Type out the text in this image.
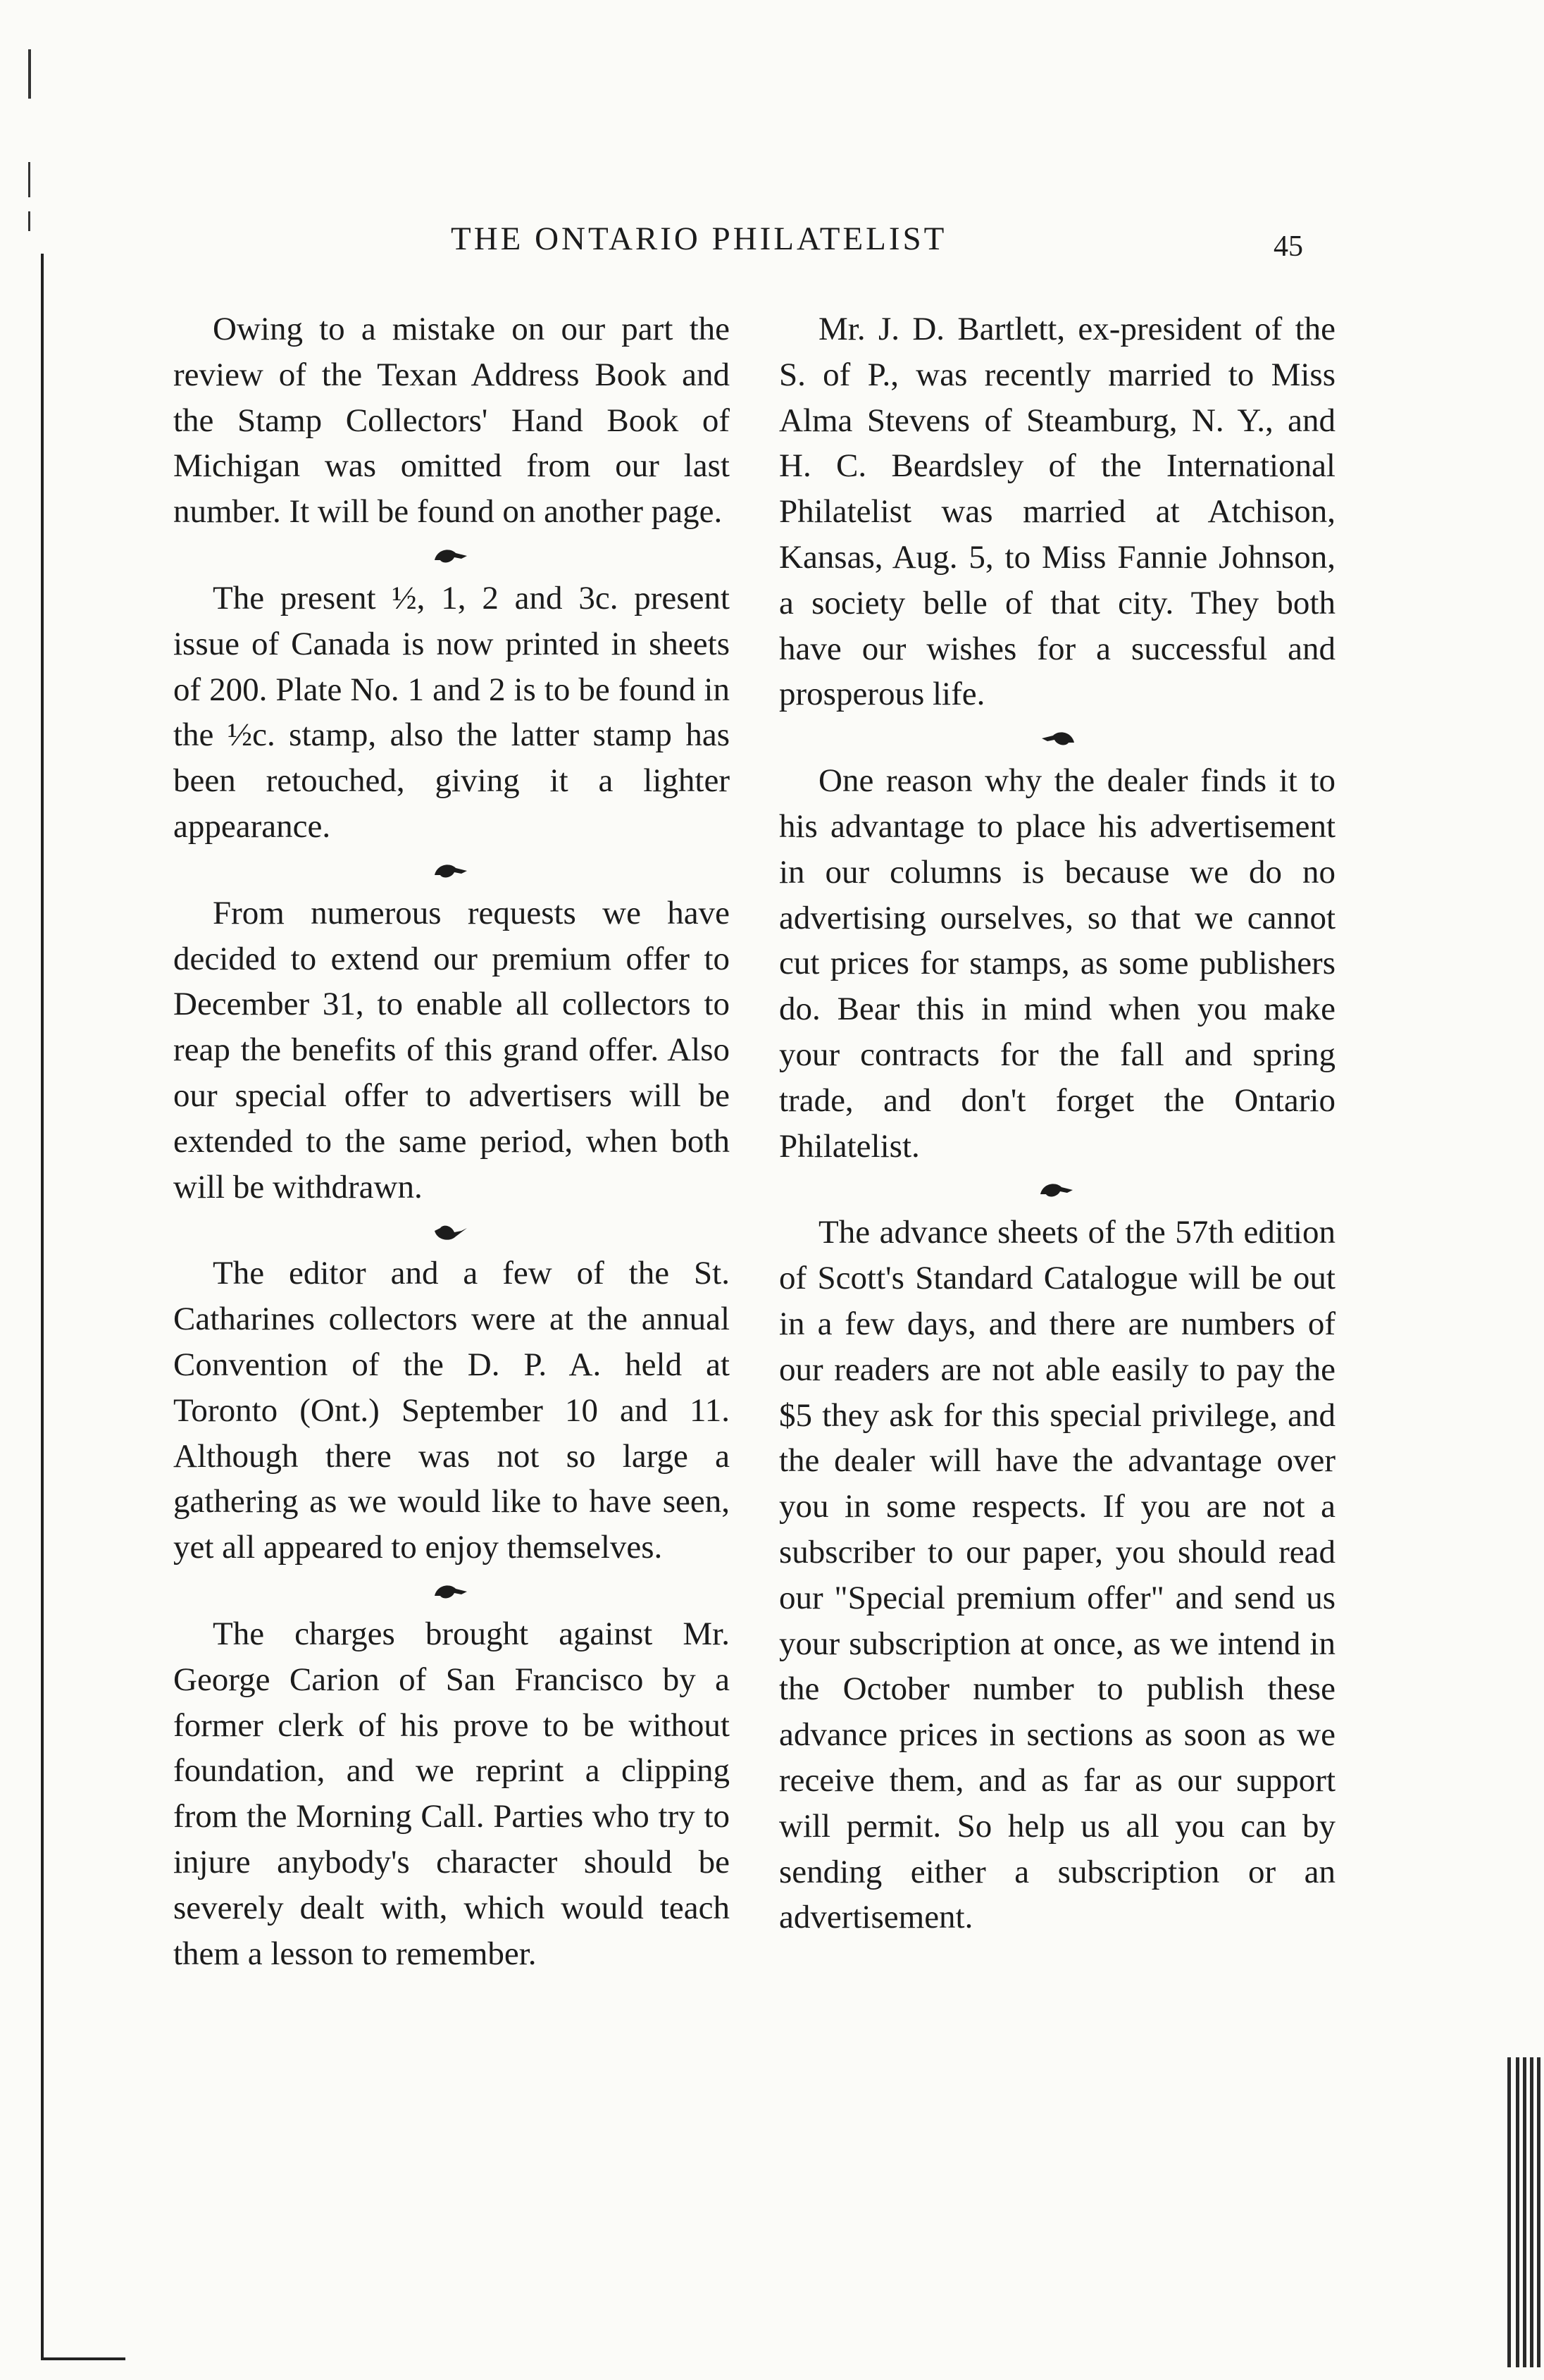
THE ONTARIO PHILATELIST	45

Owing to a mistake on our part the review of the Texan Address Book and the Stamp Collectors' Hand Book of Michigan was omitted from our last number. It will be found on another page.

The present ½, 1, 2 and 3c. present issue of Canada is now printed in sheets of 200. Plate No. 1 and 2 is to be found in the ½c. stamp, also the latter stamp has been retouched, giving it a lighter appearance.

From numerous requests we have decided to extend our premium offer to December 31, to enable all collectors to reap the benefits of this grand offer. Also our special offer to advertisers will be extended to the same period, when both will be withdrawn.

The editor and a few of the St. Catharines collectors were at the annual Convention of the D. P. A. held at Toronto (Ont.) September 10 and 11. Although there was not so large a gathering as we would like to have seen, yet all appeared to enjoy themselves.

The charges brought against Mr. George Carion of San Francisco by a former clerk of his prove to be without foundation, and we reprint a clipping from the Morning Call. Parties who try to injure anybody's character should be severely dealt with, which would teach them a lesson to remember.

Mr. J. D. Bartlett, ex-president of the S. of P., was recently married to Miss Alma Stevens of Steamburg, N. Y., and H. C. Beardsley of the International Philatelist was married at Atchison, Kansas, Aug. 5, to Miss Fannie Johnson, a society belle of that city. They both have our wishes for a successful and prosperous life.

One reason why the dealer finds it to his advantage to place his advertisement in our columns is because we do no advertising ourselves, so that we cannot cut prices for stamps, as some publishers do. Bear this in mind when you make your contracts for the fall and spring trade, and don't forget the Ontario Philatelist.

The advance sheets of the 57th edition of Scott's Standard Catalogue will be out in a few days, and there are numbers of our readers are not able easily to pay the $5 they ask for this special privilege, and the dealer will have the advantage over you in some respects. If you are not a subscriber to our paper, you should read our "Special premium offer" and send us your subscription at once, as we intend in the October number to publish these advance prices in sections as soon as we receive them, and as far as our support will permit. So help us all you can by sending either a subscription or an advertisement.
